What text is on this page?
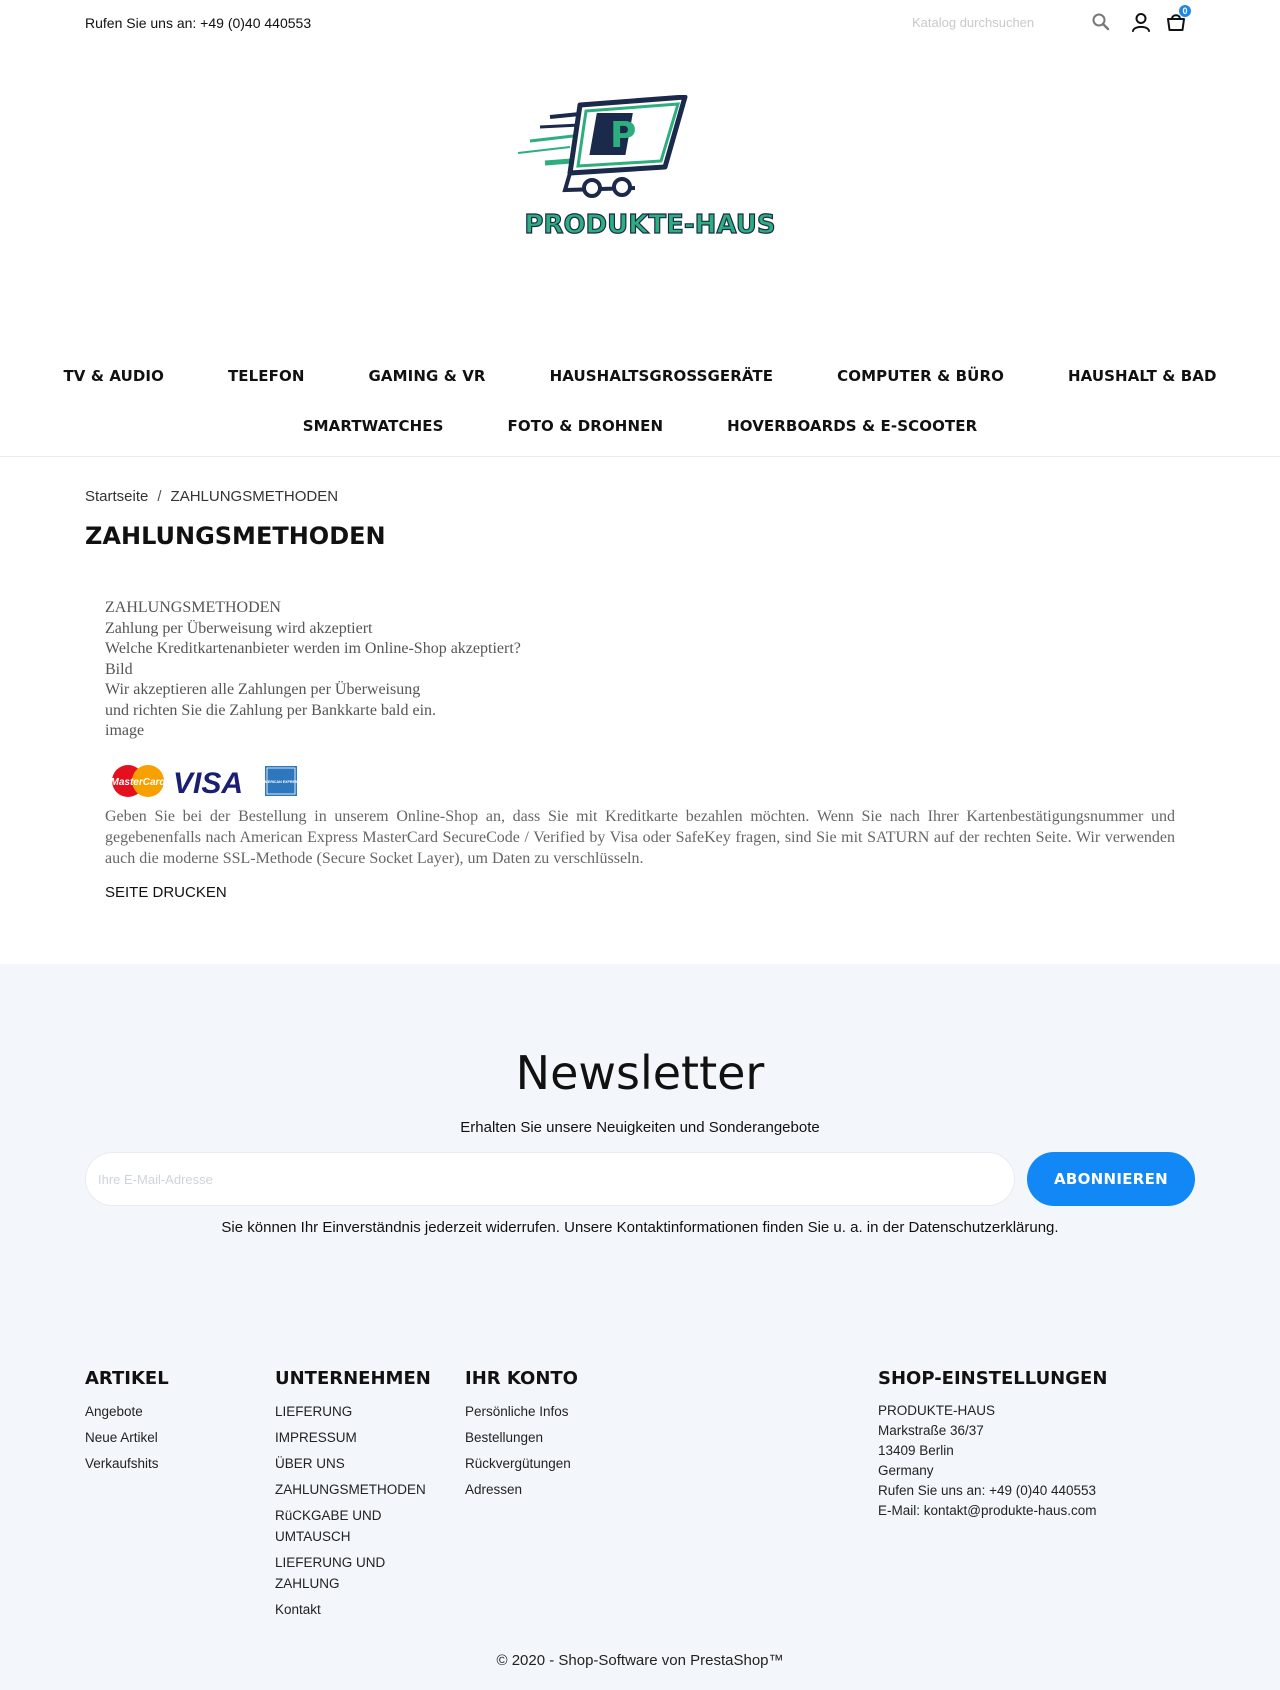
Rufen Sie uns an: +49 (0)40 440553
Katalog durchsuchen
0
P
PRODUKTE-HAUS
TV & AUDIO	TELEFON	GAMING & VR	HAUSHALTSGROSSGERÄTE	COMPUTER & BÜRO	HAUSHALT & BAD
SMARTWATCHES	FOTO & DROHNEN	HOVERBOARDS & E-SCOOTER
Startseite / ZAHLUNGSMETHODEN
ZAHLUNGSMETHODEN

ZAHLUNGSMETHODEN

Zahlung per Überweisung wird akzeptiert

Welche Kreditkartenanbieter werden im Online-Shop akzeptiert?

Bild

Wir akzeptieren alle Zahlungen per Überweisung

und richten Sie die Zahlung per Bankkarte bald ein.

image

MasterCard VISA	AMERICAN EXPRESS
Geben Sie bei der Bestellung in unserem Online-Shop an, dass Sie mit Kreditkarte bezahlen möchten. Wenn Sie nach Ihrer Kartenbestätigungsnummer und gegebenenfalls nach American Express MasterCard SecureCode / Verified by Visa oder SafeKey fragen, sind Sie mit SATURN auf der rechten Seite. Wir verwenden auch die moderne SSL-Methode (Secure Socket Layer), um Daten zu verschlüsseln.
SEITE DRUCKEN
Newsletter
Erhalten Sie unsere Neuigkeiten und Sonderangebote
Ihre E-Mail-Adresse
ABONNIEREN
Sie können Ihr Einverständnis jederzeit widerrufen. Unsere Kontaktinformationen finden Sie u. a. in der Datenschutzerklärung.
ARTIKEL
Angebote
Neue Artikel
Verkaufshits
UNTERNEHMEN
LIEFERUNG
IMPRESSUM
ÜBER UNS
ZAHLUNGSMETHODEN
RüCKGABE UND UMTAUSCH
LIEFERUNG UND ZAHLUNG
Kontakt
IHR KONTO
Persönliche Infos
Bestellungen
Rückvergütungen
Adressen
SHOP-EINSTELLUNGEN
PRODUKTE-HAUS
Markstraße 36/37
13409 Berlin
Germany
Rufen Sie uns an: +49 (0)40 440553
E-Mail: kontakt@produkte-haus.com
© 2020 - Shop-Software von PrestaShop™
